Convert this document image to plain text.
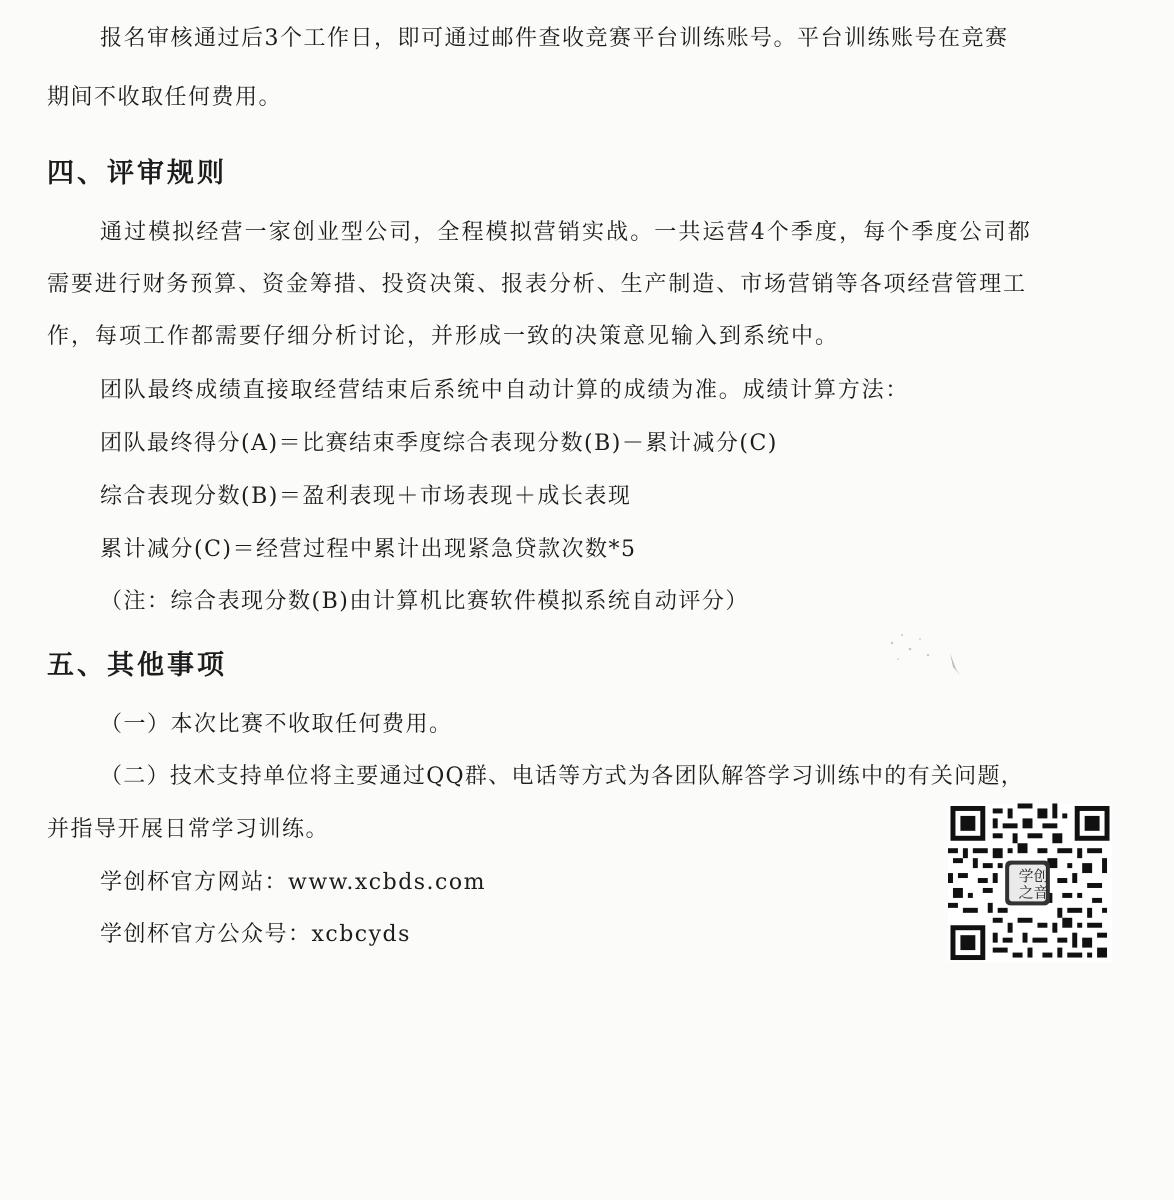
报名审核通过后3个工作日，即可通过邮件查收竞赛平台训练账号。平台训练账号在竞赛
期间不收取任何费用。
四、评审规则
通过模拟经营一家创业型公司，全程模拟营销实战。一共运营4个季度，每个季度公司都
需要进行财务预算、资金筹措、投资决策、报表分析、生产制造、市场营销等各项经营管理工
作，每项工作都需要仔细分析讨论，并形成一致的决策意见输入到系统中。
团队最终成绩直接取经营结束后系统中自动计算的成绩为准。成绩计算方法：
团队最终得分(A)＝比赛结束季度综合表现分数(B)－累计减分(C)
综合表现分数(B)＝盈利表现＋市场表现＋成长表现
累计减分(C)＝经营过程中累计出现紧急贷款次数*5
（注：综合表现分数(B)由计算机比赛软件模拟系统自动评分）
五、其他事项
（一）本次比赛不收取任何费用。
（二）技术支持单位将主要通过QQ群、电话等方式为各团队解答学习训练中的有关问题，
并指导开展日常学习训练。
学创杯官方网站：www.xcbds.com
学创杯官方公众号：xcbcyds
学 创
之 音
